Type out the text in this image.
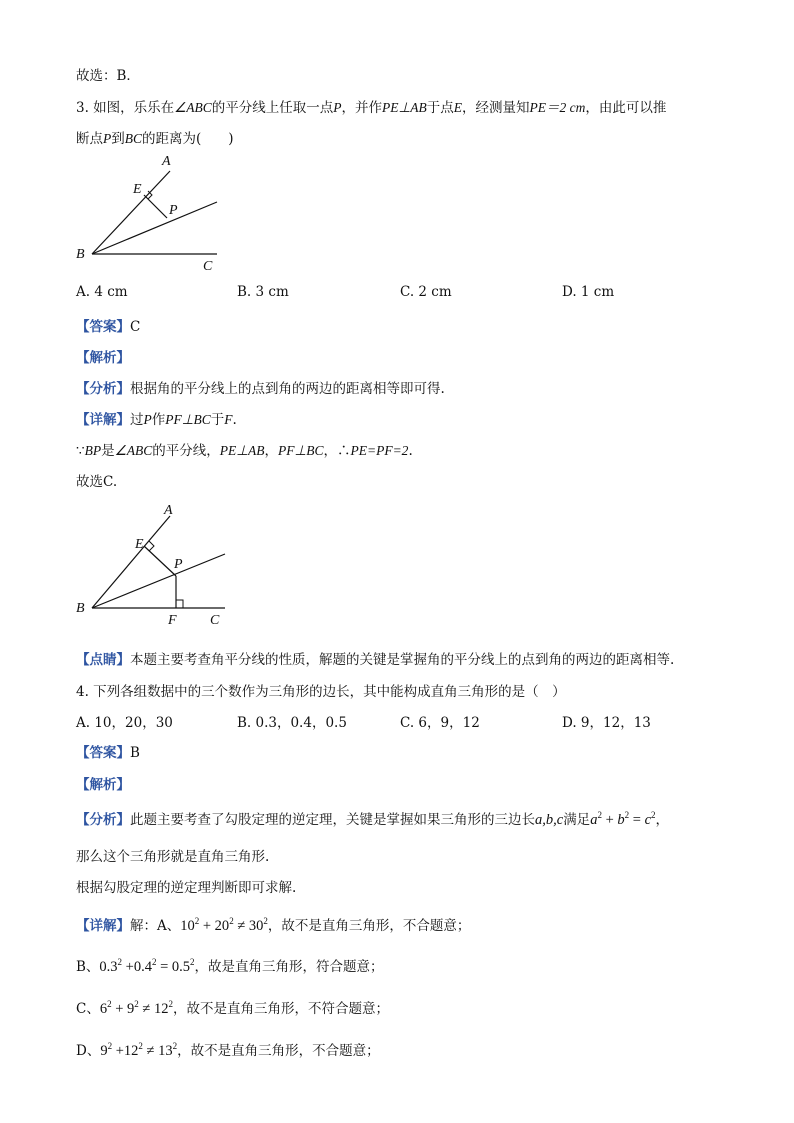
故选：B．
3. 如图，乐乐在∠ABC的平分线上任取一点P，并作PE⊥AB于点E，经测量知PE＝2 cm，由此可以推
断点P到BC的距离为(　　)
A
E
P
B
C
A. 4 cm	B. 3 cm	C. 2 cm	D. 1 cm
【答案】C
【解析】
【分析】根据角的平分线上的点到角的两边的距离相等即可得.
【详解】过P作PF⊥BC于F.
∵BP是∠ABC的平分线，PE⊥AB，PF⊥BC，∴PE=PF=2.
故选C.
A
E
P
B
F C
【点睛】本题主要考查角平分线的性质，解题的关键是掌握角的平分线上的点到角的两边的距离相等.
4. 下列各组数据中的三个数作为三角形的边长，其中能构成直角三角形的是（　）
A. 10，20，30	B. 0.3，0.4，0.5	C. 6，9，12	D. 9，12，13
【答案】B
【解析】
【分析】此题主要考查了勾股定理的逆定理，关键是掌握如果三角形的三边长a,b,c满足$a^2 + b^2 = c^2$，
那么这个三角形就是直角三角形.
根据勾股定理的逆定理判断即可求解.
【详解】解：A、$10^2 + 20^2 \ne 30^2$，故不是直角三角形，不合题意；
B、$0.3^2 +0.4^2 = 0.5^2$，故是直角三角形，符合题意；
C、$6^2 + 9^2 \ne 12^2$，故不是直角三角形，不符合题意；
D、$9^2 +12^2 \ne 13^2$，故不是直角三角形，不合题意；
